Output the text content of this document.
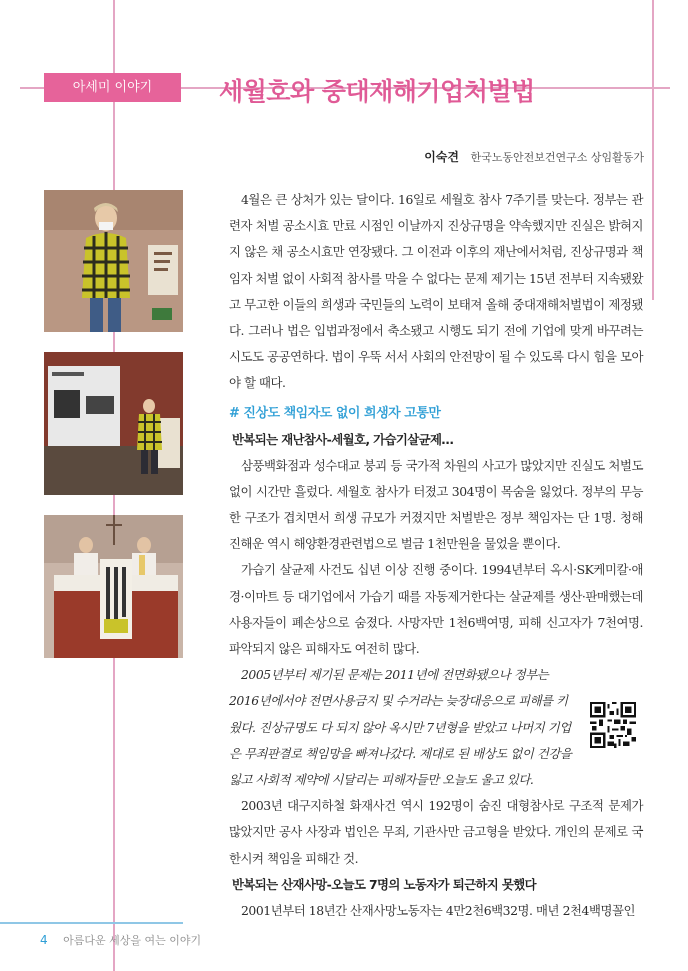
아세미 이야기	세월호와 중대재해기업처벌법
이숙견 한국노동안전보건연구소 상임활동가

4월은 큰 상처가 있는 달이다. 16일로 세월호 참사 7주기를 맞는다. 정부는 관련자 처벌 공소시효 만료 시점인 이날까지 진상규명을 약속했지만 진실은 밝혀지지 않은 채 공소시효만 연장됐다. 그 이전과 이후의 재난에서처럼, 진상규명과 책임자 처벌 없이 사회적 참사를 막을 수 없다는 문제 제기는 15년 전부터 지속됐왔고 무고한 이들의 희생과 국민들의 노력이 보태져 올해 중대재해처벌법이 제정됐다. 그러나 법은 입법과정에서 축소됐고 시행도 되기 전에 기업에 맞게 바꾸려는 시도도 공공연하다. 법이 우뚝 서서 사회의 안전망이 될 수 있도록 다시 힘을 모아야 할 때다.

# 진상도 책임자도 없이 희생자 고통만
반복되는 재난참사-세월호, 가습기살균제…

삼풍백화점과 성수대교 붕괴 등 국가적 차원의 사고가 많았지만 진실도 처벌도 없이 시간만 흘렀다. 세월호 참사가 터졌고 304명이 목숨을 잃었다. 정부의 무능한 구조가 겹치면서 희생 규모가 커졌지만 처벌받은 정부 책임자는 단 1명. 청해진해운 역시 해양환경관련법으로 벌금 1천만원을 물었을 뿐이다.

가습기 살균제 사건도 십년 이상 진행 중이다. 1994년부터 옥시·SK케미칼·애경·이마트 등 대기업에서 가습기 때를 자동제거한다는 살균제를 생산·판매했는데 사용자들이 폐손상으로 숨졌다. 사망자만 1천6백여명, 피해 신고자가 7천여명. 파악되지 않은 피해자도 여전히 많다.

2005년부터 제기된 문제는 2011년에 전면화됐으나 정부는 2016년에서야 전면사용금지 및 수거라는 늦장대응으로 피해를 키웠다. 진상규명도 다 되지 않아 옥시만 7년형을 받았고 나머지 기업은 무죄판결로 책임망을 빠져나갔다. 제대로 된 배상도 없이 건강을 잃고 사회적 제약에 시달리는 피해자들만 오늘도 울고 있다.

2003년 대구지하철 화재사건 역시 192명이 숨진 대형참사로 구조적 문제가 많았지만 공사 사장과 법인은 무죄, 기관사만 금고형을 받았다. 개인의 문제로 국한시켜 책임을 피해간 것.

반복되는 산재사망-오늘도 7명의 노동자가 퇴근하지 못했다

2001년부터 18년간 산재사망노동자는 4만2천6백32명. 매년 2천4백명꼴인

4 아름다운 세상을 여는 이야기
